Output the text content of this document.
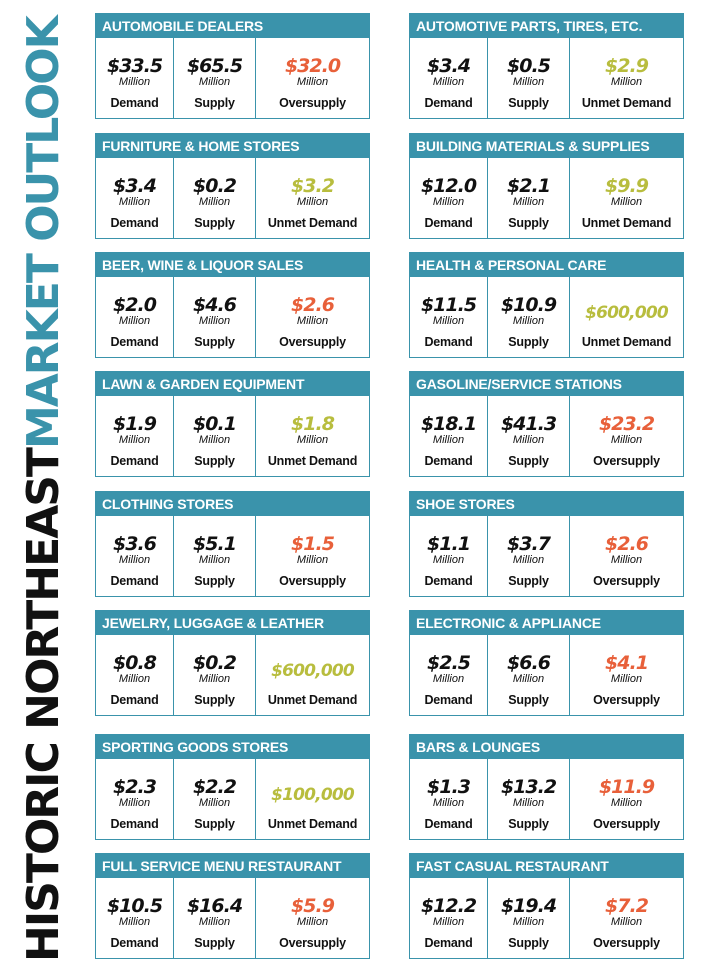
HISTORIC NORTHEASTMARKET OUTLOOK	AUTOMOBILE DEALERS
$33.5
Million
Demand
$65.5
Million
Supply
$32.0
Million
Oversupply
AUTOMOTIVE PARTS, TIRES, ETC.
$3.4
Million
Demand
$0.5
Million
Supply
$2.9
Million
Unmet Demand
FURNITURE & HOME STORES
$3.4
Million
Demand
$0.2
Million
Supply
$3.2
Million
Unmet Demand
BUILDING MATERIALS & SUPPLIES
$12.0
Million
Demand
$2.1
Million
Supply
$9.9
Million
Unmet Demand
BEER, WINE & LIQUOR SALES
$2.0
Million
Demand
$4.6
Million
Supply
$2.6
Million
Oversupply
HEALTH & PERSONAL CARE
$11.5
Million
Demand
$10.9
Million
Supply
$600,000
Unmet Demand
LAWN & GARDEN EQUIPMENT
$1.9
Million
Demand
$0.1
Million
Supply
$1.8
Million
Unmet Demand
GASOLINE/SERVICE STATIONS
$18.1
Million
Demand
$41.3
Million
Supply
$23.2
Million
Oversupply
CLOTHING STORES
$3.6
Million
Demand
$5.1
Million
Supply
$1.5
Million
Oversupply
SHOE STORES
$1.1
Million
Demand
$3.7
Million
Supply
$2.6
Million
Oversupply
JEWELRY, LUGGAGE & LEATHER
$0.8
Million
Demand
$0.2
Million
Supply
$600,000
Unmet Demand
ELECTRONIC & APPLIANCE
$2.5
Million
Demand
$6.6
Million
Supply
$4.1
Million
Oversupply
SPORTING GOODS STORES
$2.3
Million
Demand
$2.2
Million
Supply
$100,000
Unmet Demand
BARS & LOUNGES
$1.3
Million
Demand
$13.2
Million
Supply
$11.9
Million
Oversupply
FULL SERVICE MENU RESTAURANT
$10.5
Million
Demand
$16.4
Million
Supply
$5.9
Million
Oversupply
FAST CASUAL RESTAURANT
$12.2
Million
Demand
$19.4
Million
Supply
$7.2
Million
Oversupply
